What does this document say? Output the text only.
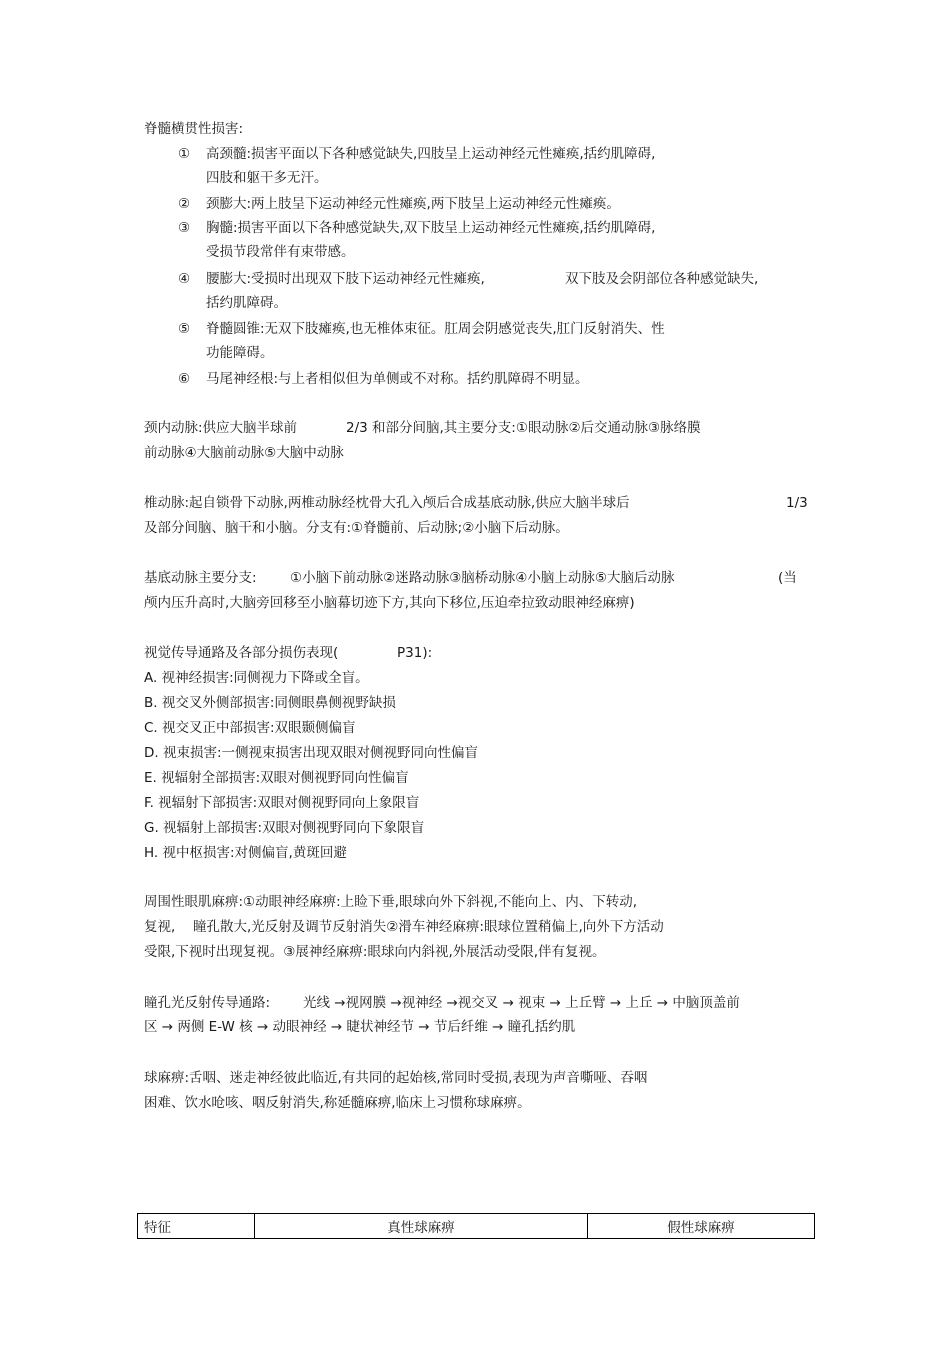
脊髓横贯性损害:
① 高颈髓:损害平面以下各种感觉缺失,四肢呈上运动神经元性瘫痪,括约肌障碍,
四肢和躯干多无汗。
② 颈膨大:两上肢呈下运动神经元性瘫痪,两下肢呈上运动神经元性瘫痪。
③ 胸髓:损害平面以下各种感觉缺失,双下肢呈上运动神经元性瘫痪,括约肌障碍,
受损节段常伴有束带感。
④ 腰膨大:受损时出现双下肢下运动神经元性瘫痪,	双下肢及会阴部位各种感觉缺失,
括约肌障碍。
⑤ 脊髓圆锥:无双下肢瘫痪,也无椎体束征。肛周会阴感觉丧失,肛门反射消失、性
功能障碍。
⑥ 马尾神经根:与上者相似但为单侧或不对称。括约肌障碍不明显。
颈内动脉:供应大脑半球前	2/3 和部分间脑,其主要分支:①眼动脉②后交通动脉③脉络膜
前动脉④大脑前动脉⑤大脑中动脉
椎动脉:起自锁骨下动脉,两椎动脉经枕骨大孔入颅后合成基底动脉,供应大脑半球后	1/3
及部分间脑、脑干和小脑。分支有:①脊髓前、后动脉;②小脑下后动脉。
基底动脉主要分支: ①小脑下前动脉②迷路动脉③脑桥动脉④小脑上动脉⑤大脑后动脉	(当
颅内压升高时,大脑旁回移至小脑幕切迹下方,其向下移位,压迫牵拉致动眼神经麻痹)
视觉传导通路及各部分损伤表现(	P31):
A. 视神经损害:同侧视力下降或全盲。
B. 视交叉外侧部损害:同侧眼鼻侧视野缺损
C. 视交叉正中部损害:双眼颞侧偏盲
D. 视束损害:一侧视束损害出现双眼对侧视野同向性偏盲
E. 视辐射全部损害:双眼对侧视野同向性偏盲
F. 视辐射下部损害:双眼对侧视野同向上象限盲
G. 视辐射上部损害:双眼对侧视野同向下象限盲
H. 视中枢损害:对侧偏盲,黄斑回避
周围性眼肌麻痹:①动眼神经麻痹:上睑下垂,眼球向外下斜视,不能向上、内、下转动,
复视, 瞳孔散大,光反射及调节反射消失②滑车神经麻痹:眼球位置稍偏上,向外下方活动
受限,下视时出现复视。③展神经麻痹:眼球向内斜视,外展活动受限,伴有复视。
瞳孔光反射传导通路: 光线 →视网膜 →视神经 →视交叉 → 视束 → 上丘臂 → 上丘 → 中脑顶盖前
区 → 两侧 E-W 核 → 动眼神经 → 睫状神经节 → 节后纤维 → 瞳孔括约肌
球麻痹:舌咽、迷走神经彼此临近,有共同的起始核,常同时受损,表现为声音嘶哑、吞咽
困难、饮水呛咳、咽反射消失,称延髓麻痹,临床上习惯称球麻痹。
特征	真性球麻痹	假性球麻痹
